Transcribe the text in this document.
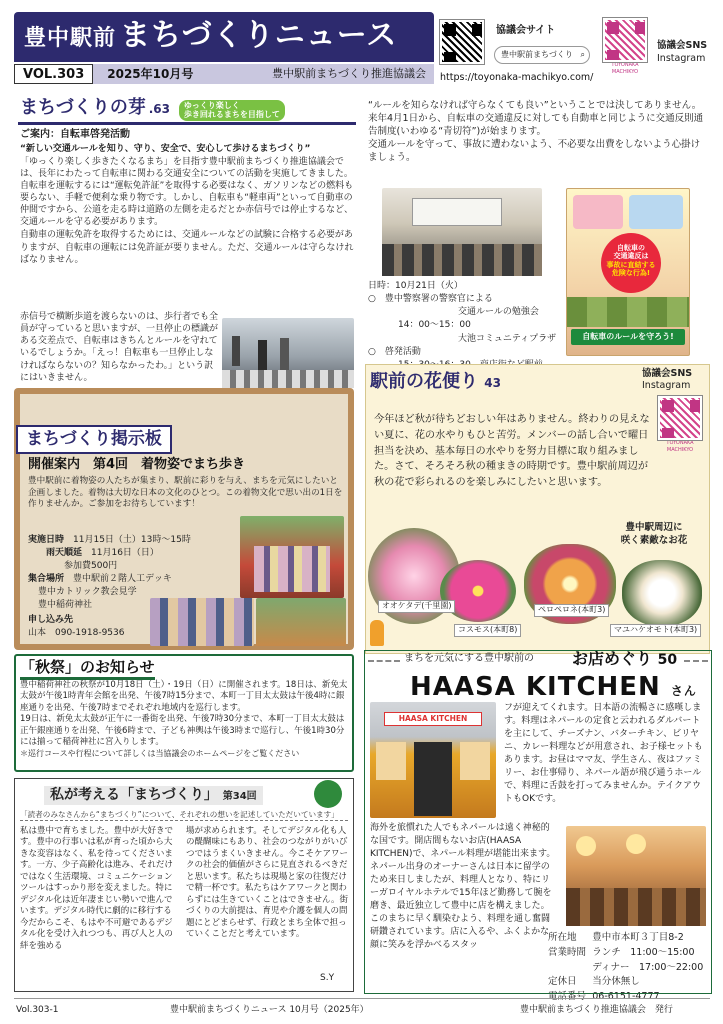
豊中駅前 まちづくりニュース
VOL.303	2025年10月号	豊中駅前まちづくり推進協議会
協議会サイト
豊中駅前まちづくり ⌕
https://toyonaka-machikyo.com/
TOYONAKA MACHIKYO
協議会SNS
Instagram
まちづくりの芽 .63 ゆっくり楽しく
歩き回れるまちを目指して

ご案内：自転車啓発活動

“新しい交通ルールを知り、守り、安全で、安心して歩けるまちづくり”

「ゆっくり楽しく歩きたくなるまち」を目指す豊中駅前まちづくり推進協議会では、長年にわたって自転車に関わる交通安全についての活動を実施してきました。自転車を運転するには“運転免許証”を取得する必要はなく、ガソリンなどの燃料も要らない、手軽で便利な乗り物です。しかし、自転車も“軽車両”といって自動車の仲間ですから、公道を走る時は道路の左側を走るだとか赤信号では停止するなど、交通ルールを守る必要があります。

自動車の運転免許を取得するためには、交通ルールなどの試験に合格する必要がありますが、自転車の運転には免許証が要りません。ただ、交通ルールは守らなければなりません。

赤信号で横断歩道を渡らないのは、歩行者でも全員が守っていると思いますが、一旦停止の標識がある交差点で、自転車はきちんとルールを守れているでしょうか。「えっ！自転車も一旦停止しなければならないの？知らなかったわ。」という訳にはいきません。

“ルールを知らなければ守らなくても良い”ということでは決してありません。来年4月1日から、自転車の交通違反に対しても自動車と同じように交通反則通告制度(いわゆる“青切符”)が始まります。

交通ルールを守って、事故に遭わないよう、不必要な出費をしないよう心掛けましょう。

日時：10月21日（火）

○　豊中警察署の警察官による

交通ルールの勉強会

14：00～15：00

大池コミュニティプラザ

○　啓発活動

自転車の
交通違反は
事故に直結する
危険な行為!
自転車のルールを守ろう!
まちづくり掲示板
開催案内　第4回　着物姿でまち歩き
豊中駅前に着物姿の人たちが集まり、駅前に彩りを与え、まちを元気にしたいと企画しました。着物は大切な日本の文化のひとつ。この着物文化で思い出の1日を作りませんか。ご参加をお待ちしています！
実施日時　 11月15日（土）13時～15時
雨天順延　 11月16日（日）
参加費500円
集合場所　 豊中駅前２階人工デッキ
豊中カトリック教会見学
豊中稲荷神社
申し込み先
山本　090-1918-9536
「秋祭」のお知らせ

豊中稲荷神社の秋祭が10月18日（土）・19日（日）に開催されます。18日は、新免太太鼓が午後1時青年会館を出発、午後7時15分まで、本町一丁目太太鼓は午後4時に銀座通りを出発、午後7時までそれぞれ地域内を巡行します。

19日は、新免太太鼓が正午に一番街を出発、午後7時30分まで、本町一丁目太太鼓は正午銀座通りを出発、午後6時まで、子ども神輿は午後3時まで巡行し、午後1時30分には揃って稲荷神社に宮入りします。

＊巡行コースや行程について詳しくは当協議会のホームページをご覧ください

私が考える「まちづくり」 第34回
「読者のみなさんから“まちづくり”について、それぞれの想いを記述していただいています」
私は豊中で育ちました。豊中が大好きです。豊中の行事いは私が育った頃から大きな変容はなく、私を待ってくださいます。一方、少子高齢化は進み、それだけではなく生活環境、コミュニケーションツールはすっかり形を変えました。特にデジタル化は近年凄まじい勢いで進んでいます。デジタル時代に劇的に移行する今だからこそ、もはや不可避であるデジタル化を受け入れつつも、再び人と人の絆を強める
場が求められます。そしてデジタル化も人の醍醐味にもあり、社会のつながりがいびつではうまくいきません。今こそケアワークの社会的価値がさらに見直されるべきだと思います。私たちは現場と家の往復だけで精一杯です。私たちはケアワークと関わらずには生きていくことはできません。街づくりの大前提は、育児や介護を個人の問題にとどまらせず、行政とまち全体で担っていくことだと考えています。
S.Y
駅前の花便り 43
協議会SNS
Instagram
TOYONAKA MACHIKYO
今年ほど秋が待ちどおしい年はありません。終わりの見えない夏に、花の水やりもひと苦労。メンバーの話し合いで曜日担当を決め、基本毎日の水やりを努力目標に取り組みました。さて、そろそろ秋の種まきの時期です。豊中駅前周辺が秋の花で彩られるのを楽しみにしたいと思います。
豊中駅周辺に
咲く素敵なお花
オオケタデ(千里園)
コスモス(本町8)
ペロペロネ(本町3)
マユハケオモト(本町3)
まちを元気にする豊中駅前の お店めぐり 50
HAASA KITCHEN さん
HAASA KITCHEN
フが迎えてくれます。日本語の流暢さに感嘆します。料理はネパールの定食と云われるダルバートを主にして、チーズナン、バターチキン、ビリヤニ、カレー料理などが用意され、お子様セットもあります。お昼はママ友、学生さん、夜はファミリー、お仕事帰り、ネパール語が飛び通うホールで、料理に舌鼓を打ってみませんか。テイクアウトもOKです。
海外を旅慣れた人でもネパールは遠く神秘的な国です。開店間もないお店(HAASA KITCHEN)で、ネパール料理が堪能出来ます。ネパール出身のオーナーさんは日本に留学のため来日しましたが、料理人となり、特にリーガロイヤルホテルで15年ほど勤務して腕を磨き、最近独立して豊中に店を構えました。このまちに早く馴染むよう、料理を通し奮闘研鑽されています。店に入るや、ふくよかな顔に笑みを浮かべるスタッ
所在地	豊中市本町３丁目8-2
営業時間	ランチ　11:00～15:00
	ディナー　17:00～22:00
定休日	当分休無し
電話番号	06-6151-4777
Vol.303-1	豊中駅前まちづくりニュース 10月号（2025年）	豊中駅前まちづくり推進協議会　発行
